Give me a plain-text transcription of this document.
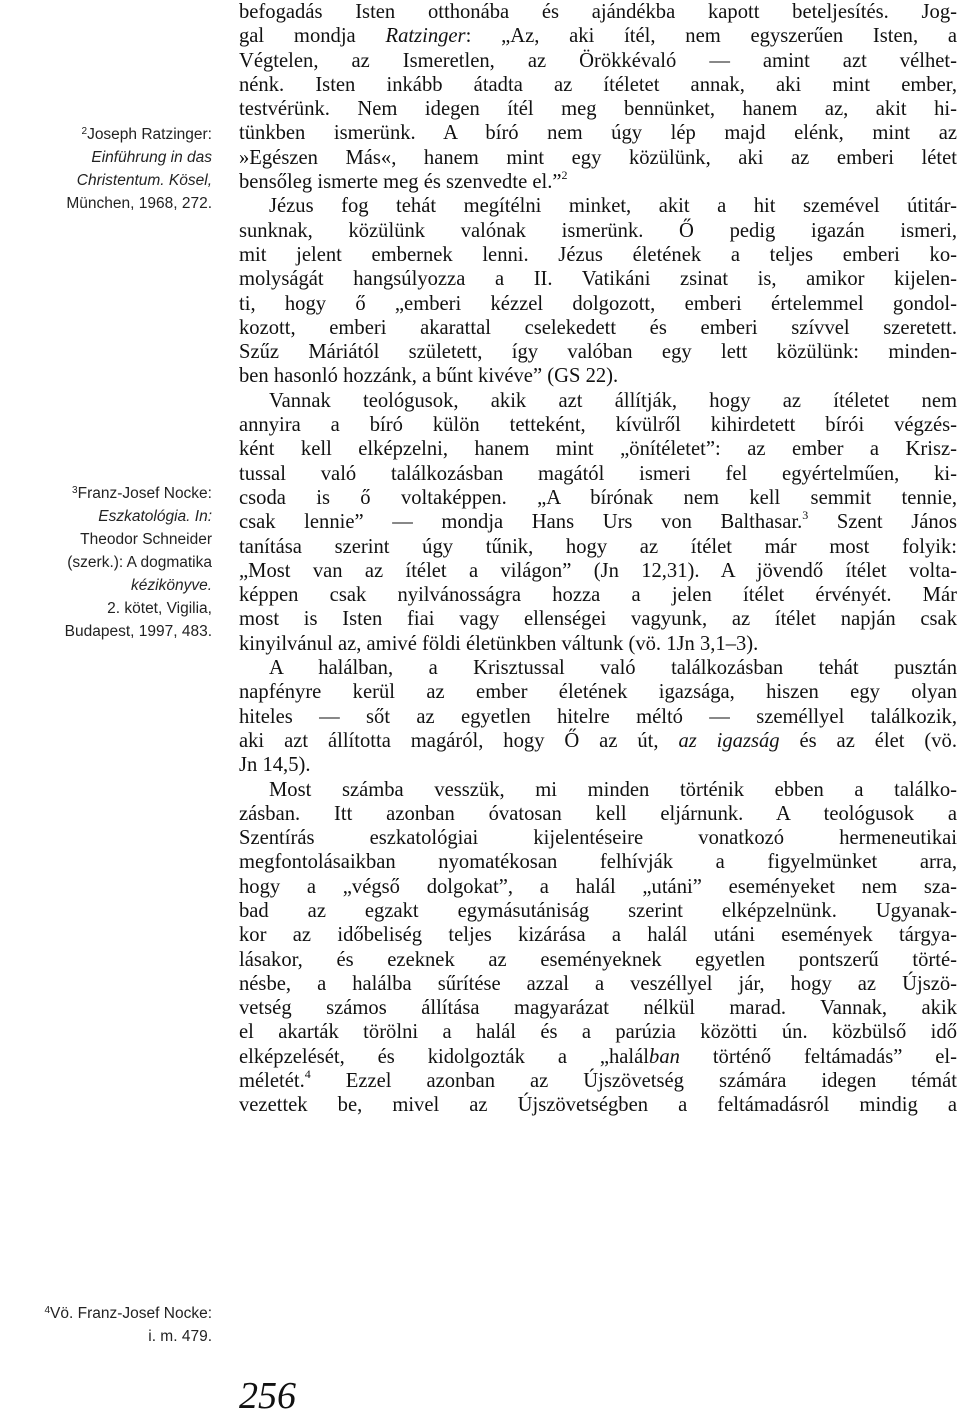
$^2$Joseph Ratzinger:
Einführung in das
Christentum. Kösel,
München, 1968, 272.
$^3$Franz-Josef Nocke:
Eszkatológia. In:
Theodor Schneider
(szerk.): A dogmatika
kézikönyve.
2. kötet, Vigilia,
Budapest, 1997, 483.
$^4$Vö. Franz-Josef Nocke:
i. m. 479.
befogadás Isten otthonába és ajándékba kapott beteljesítés. Jog-
gal mondja Ratzinger: „Az, aki ítél, nem egyszerűen Isten, a
Végtelen, az Ismeretlen, az Örökkévaló — amint azt vélhet-
nénk. Isten inkább átadta az ítéletet annak, aki mint ember,
testvérünk. Nem idegen ítél meg bennünket, hanem az, akit hi-
tünkben ismerünk. A bíró nem úgy lép majd elénk, mint az
»Egészen Más«, hanem mint egy közülünk, aki az emberi létet
bensőleg ismerte meg és szenvedte el.”$^2$
Jézus fog tehát megítélni minket, akit a hit szemével útitár-
sunknak, közülünk valónak ismerünk. Ő pedig igazán ismeri,
mit jelent embernek lenni. Jézus életének a teljes emberi ko-
molyságát hangsúlyozza a II. Vatikáni zsinat is, amikor kijelen-
ti, hogy ő „emberi kézzel dolgozott, emberi értelemmel gondol-
kozott, emberi akarattal cselekedett és emberi szívvel szeretett.
Szűz Máriától született, így valóban egy lett közülünk: minden-
ben hasonló hozzánk, a bűnt kivéve” (GS 22).
Vannak teológusok, akik azt állítják, hogy az ítéletet nem
annyira a bíró külön tetteként, kívülről kihirdetett bírói végzés-
ként kell elképzelni, hanem mint „önítéletet”: az ember a Krisz-
tussal való találkozásban magától ismeri fel egyértelműen, ki-
csoda is ő voltaképpen. „A bírónak nem kell semmit tennie,
csak lennie” — mondja Hans Urs von Balthasar.$^3$ Szent János
tanítása szerint úgy tűnik, hogy az ítélet már most folyik:
„Most van az ítélet a világon” (Jn 12,31). A jövendő ítélet volta-
képpen csak nyilvánosságra hozza a jelen ítélet érvényét. Már
most is Isten fiai vagy ellenségei vagyunk, az ítélet napján csak
kinyilvánul az, amivé földi életünkben váltunk (vö. 1Jn 3,1–3).
A halálban, a Krisztussal való találkozásban tehát pusztán
napfényre kerül az ember életének igazsága, hiszen egy olyan
hiteles — sőt az egyetlen hitelre méltó — személlyel találkozik,
aki azt állította magáról, hogy Ő az út, az igazság és az élet (vö.
Jn 14,5).
Most számba vesszük, mi minden történik ebben a találko-
zásban. Itt azonban óvatosan kell eljárnunk. A teológusok a
Szentírás eszkatológiai kijelentéseire vonatkozó hermeneutikai
megfontolásaikban nyomatékosan felhívják a figyelmünket arra,
hogy a „végső dolgokat”, a halál „utáni” eseményeket nem sza-
bad az egzakt egymásutániság szerint elképzelnünk. Ugyanak-
kor az időbeliség teljes kizárása a halál utáni események tárgya-
lásakor, és ezeknek az eseményeknek egyetlen pontszerű törté-
nésbe, a halálba sűrítése azzal a veszéllyel jár, hogy az Újszö-
vetség számos állítása magyarázat nélkül marad. Vannak, akik
el akarták törölni a halál és a parúzia közötti ún. közbülső idő
elképzelését, és kidolgozták a „halálban történő feltámadás” el-
méletét.$^4$ Ezzel azonban az Újszövetség számára idegen témát
vezettek be, mivel az Újszövetségben a feltámadásról mindig a
256
